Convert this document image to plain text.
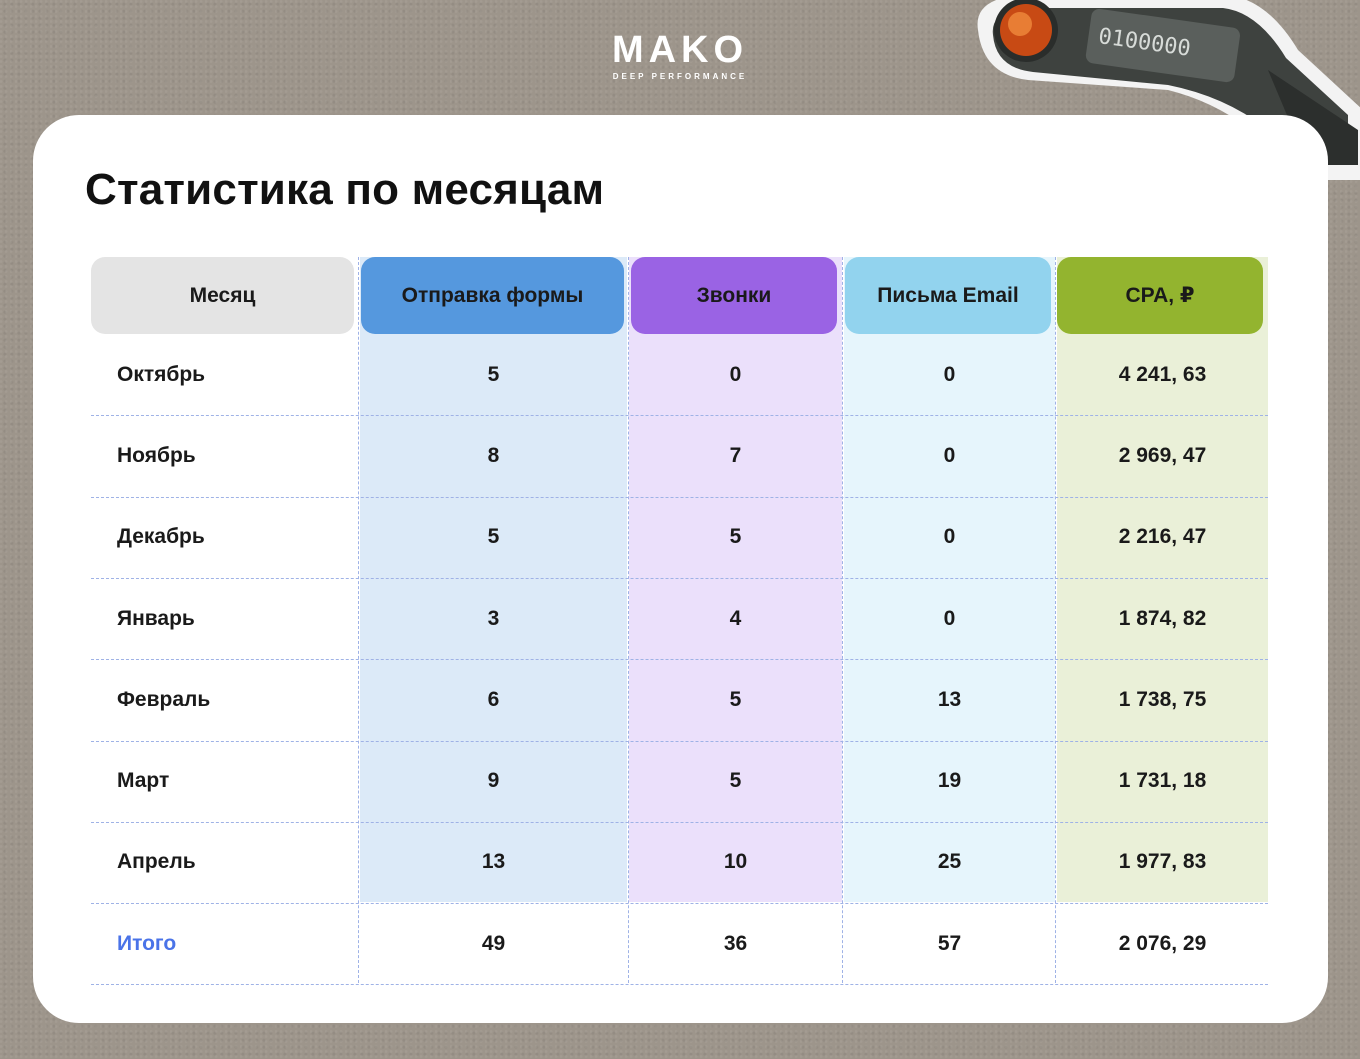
MAKO
DEEP PERFORMANCE
0100000
Статистика по месяцам
Месяц	Отправка формы	Звонки	Письма Email	CPA, ₽
Октябрь	5	0	0	4 241, 63
Ноябрь	8	7	0	2 969, 47
Декабрь	5	5	0	2 216, 47
Январь	3	4	0	1 874, 82
Февраль	6	5	13	1 738, 75
Март	9	5	19	1 731, 18
Апрель	13	10	25	1 977, 83
Итого	49	36	57	2 076, 29
